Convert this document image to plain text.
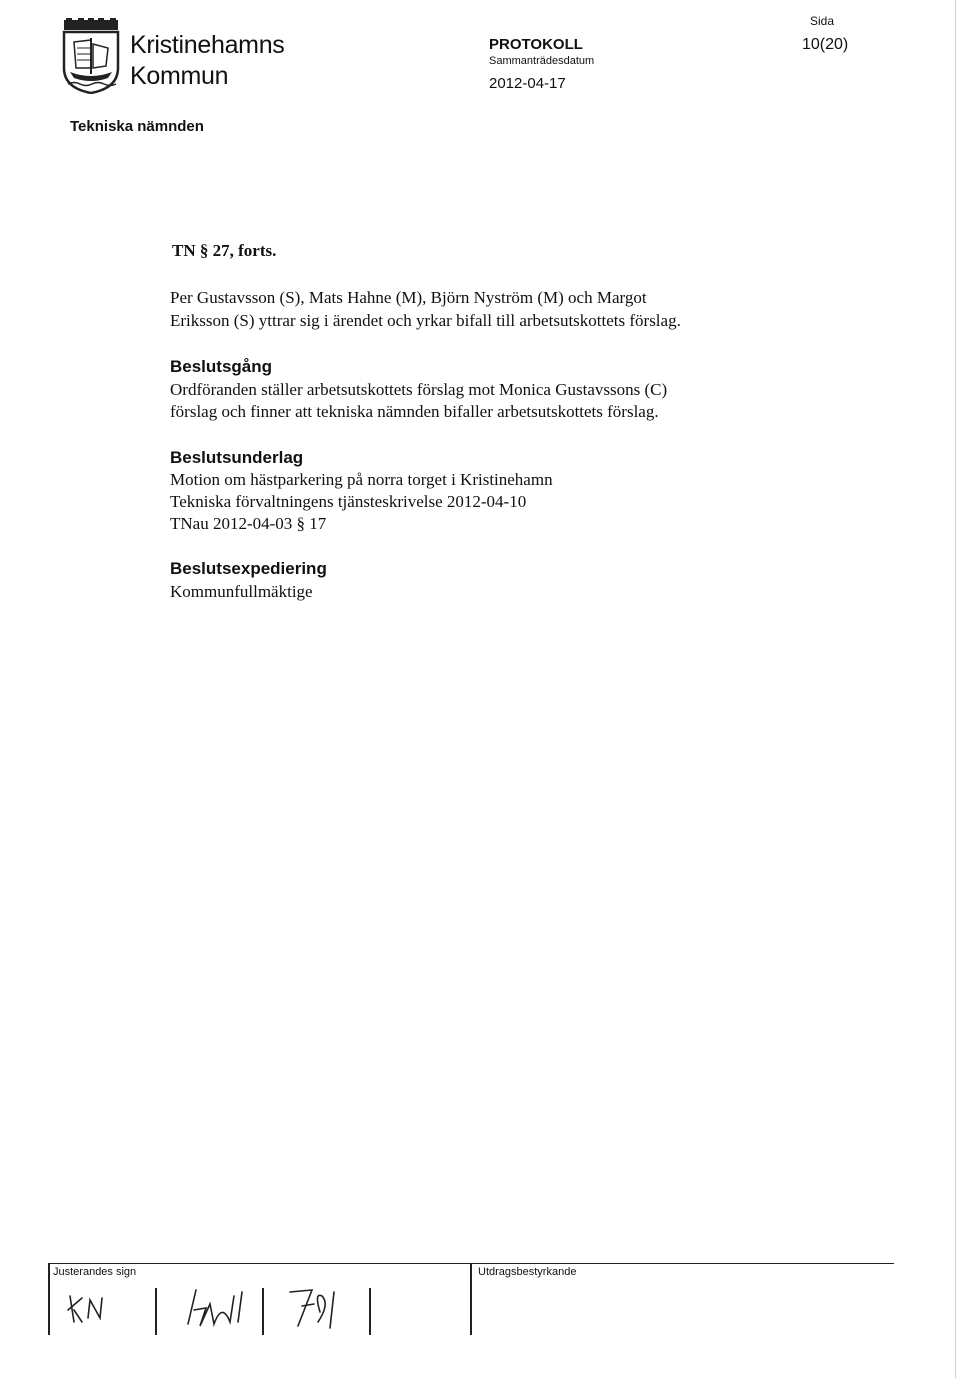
Kristinehamns
Kommun
PROTOKOLL
Sammanträdesdatum
2012-04-17
Sida
10(20)
Tekniska nämnden
TN § 27, forts.
Per Gustavsson (S), Mats Hahne (M), Björn Nyström (M) och Margot
Eriksson (S) yttrar sig i ärendet och yrkar bifall till arbetsutskottets förslag.
Beslutsgång
Ordföranden ställer arbetsutskottets förslag mot Monica Gustavssons (C)
förslag och finner att tekniska nämnden bifaller arbetsutskottets förslag.
Beslutsunderlag
Motion om hästparkering på norra torget i Kristinehamn
Tekniska förvaltningens tjänsteskrivelse 2012-04-10
TNau 2012-04-03 § 17
Beslutsexpediering
Kommunfullmäktige
Justerandes sign	Utdragsbestyrkande
